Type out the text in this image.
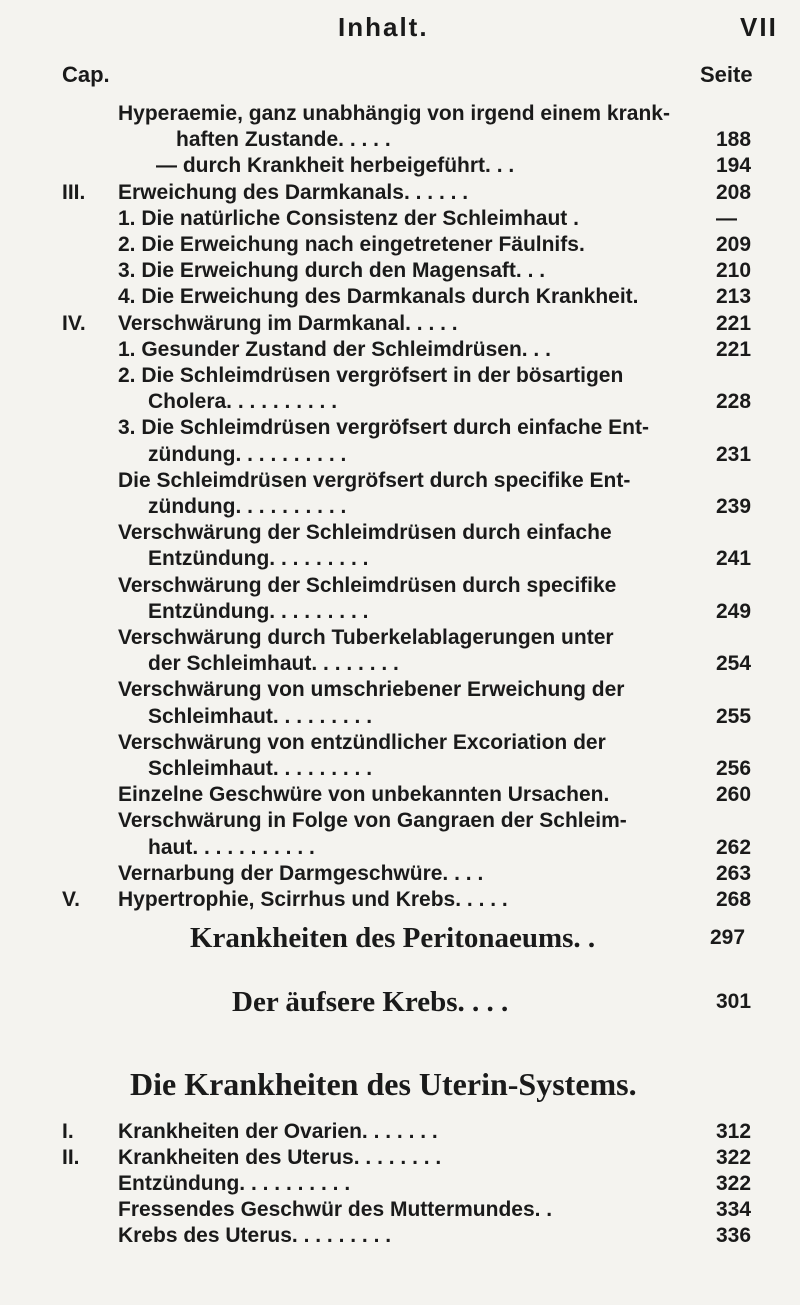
Inhalt.	VII
Cap.	Seite
Hyperaemie, ganz unabhängig von irgend einem krank-
haften Zustande. . . . .	188
— durch Krankheit herbeigeführt. . .	194
III. Erweichung des Darmkanals. . . . . .	208
1. Die natürliche Consistenz der Schleimhaut .	—
2. Die Erweichung nach eingetretener Fäulnifs.	209
3. Die Erweichung durch den Magensaft. . .	210
4. Die Erweichung des Darmkanals durch Krankheit.	213
IV. Verschwärung im Darmkanal. . . . .	221
1. Gesunder Zustand der Schleimdrüsen. . .	221
2. Die Schleimdrüsen vergröfsert in der bösartigen
Cholera. . . . . . . . . .	228
3. Die Schleimdrüsen vergröfsert durch einfache Ent-
zündung. . . . . . . . . .	231
Die Schleimdrüsen vergröfsert durch specifike Ent-
zündung. . . . . . . . . .	239
Verschwärung der Schleimdrüsen durch einfache
Entzündung. . . . . . . . .	241
Verschwärung der Schleimdrüsen durch specifike
Entzündung. . . . . . . . .	249
Verschwärung durch Tuberkelablagerungen unter
der Schleimhaut. . . . . . . .	254
Verschwärung von umschriebener Erweichung der
Schleimhaut. . . . . . . . .	255
Verschwärung von entzündlicher Excoriation der
Schleimhaut. . . . . . . . .	256
Einzelne Geschwüre von unbekannten Ursachen.	260
Verschwärung in Folge von Gangraen der Schleim-
haut. . . . . . . . . . .	262
Vernarbung der Darmgeschwüre. . . .	263
V. Hypertrophie, Scirrhus und Krebs. . . . .	268
Krankheiten des Peritonaeums. .	297
Der äufsere Krebs. . . .	301
Die Krankheiten des Uterin-Systems.
I. Krankheiten der Ovarien. . . . . . .	312
II. Krankheiten des Uterus. . . . . . . .	322
Entzündung. . . . . . . . . .	322
Fressendes Geschwür des Muttermundes. .	334
Krebs des Uterus. . . . . . . . .	336
